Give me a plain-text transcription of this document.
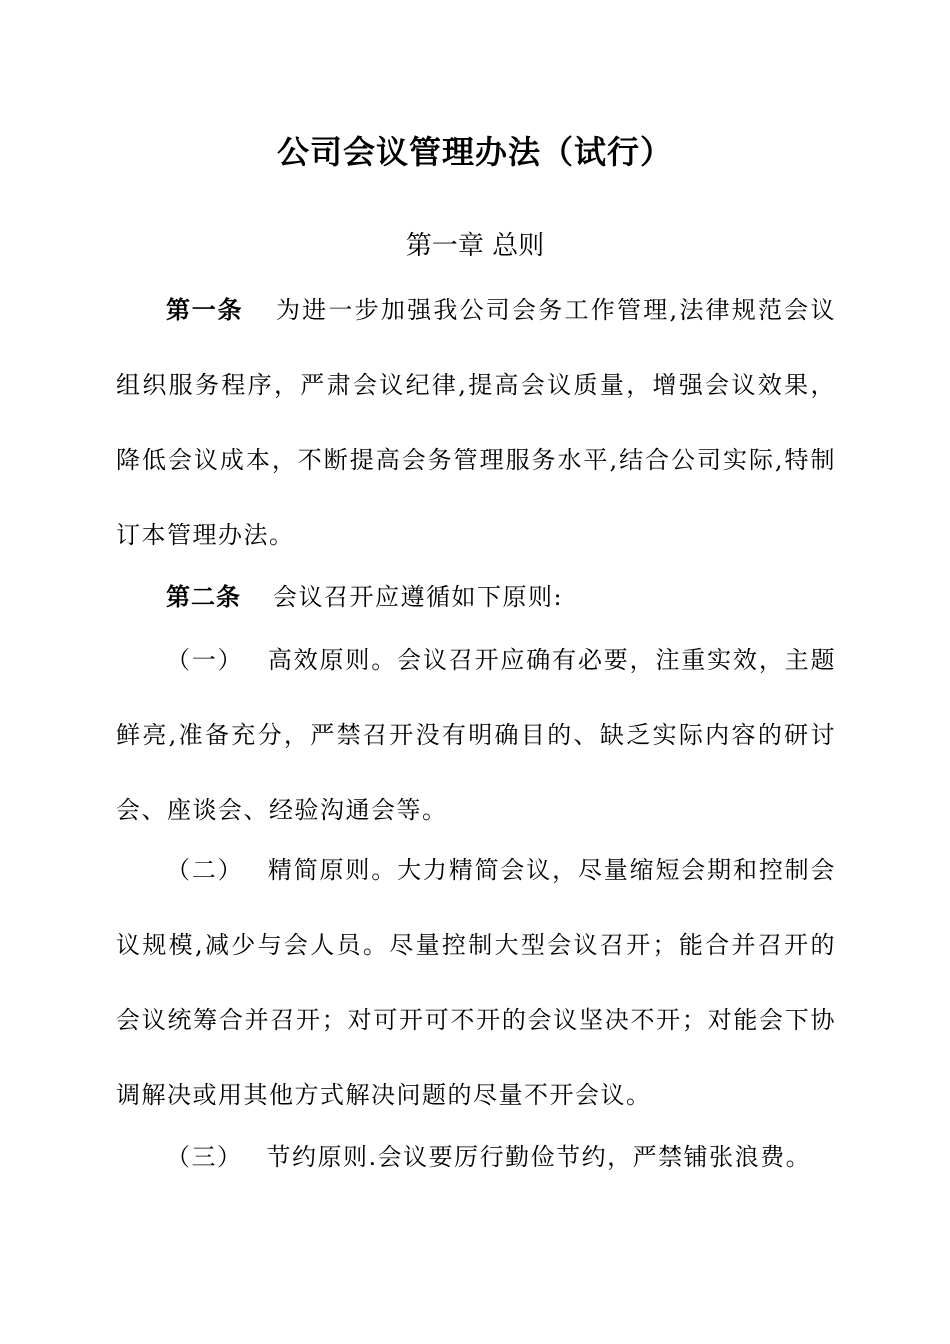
公司会议管理办法（试行）
第一章 总则
第一条 为进一步加强我公司会务工作管理,法律规范会议
组织服务程序，严肃会议纪律,提高会议质量，增强会议效果，
降低会议成本，不断提高会务管理服务水平,结合公司实际,特制
订本管理办法。
第二条 会议召开应遵循如下原则:
（一） 高效原则。会议召开应确有必要，注重实效，主题
鲜亮,准备充分，严禁召开没有明确目的、缺乏实际内容的研讨
会、座谈会、经验沟通会等。
（二） 精简原则。大力精简会议，尽量缩短会期和控制会
议规模,减少与会人员。尽量控制大型会议召开；能合并召开的
会议统筹合并召开；对可开可不开的会议坚决不开；对能会下协
调解决或用其他方式解决问题的尽量不开会议。
（三） 节约原则.会议要厉行勤俭节约，严禁铺张浪费。
